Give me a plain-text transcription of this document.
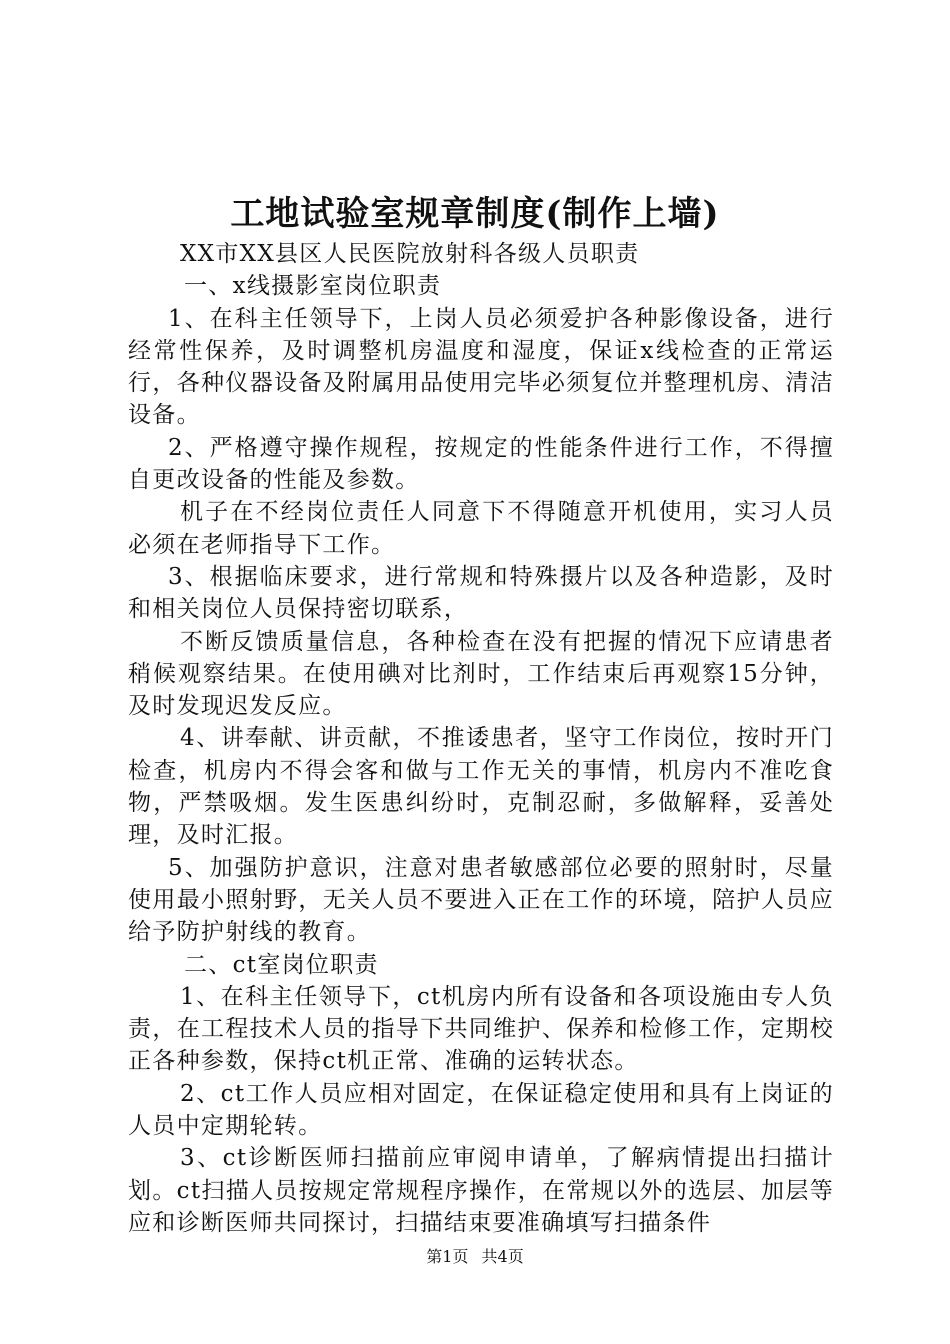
工地试验室规章制度(制作上墙)

XX市XX县区人民医院放射科各级人员职责

一、x线摄影室岗位职责

1、在科主任领导下，上岗人员必须爱护各种影像设备，进行经常性保养，及时调整机房温度和湿度，保证x线检查的正常运行，各种仪器设备及附属用品使用完毕必须复位并整理机房、清洁设备。

2、严格遵守操作规程，按规定的性能条件进行工作，不得擅自更改设备的性能及参数。

机子在不经岗位责任人同意下不得随意开机使用，实习人员必须在老师指导下工作。

3、根据临床要求，进行常规和特殊摄片以及各种造影，及时和相关岗位人员保持密切联系，

不断反馈质量信息，各种检查在没有把握的情况下应请患者稍候观察结果。在使用碘对比剂时，工作结束后再观察15分钟，及时发现迟发反应。

4、讲奉献、讲贡献，不推诿患者，坚守工作岗位，按时开门检查，机房内不得会客和做与工作无关的事情，机房内不准吃食物，严禁吸烟。发生医患纠纷时，克制忍耐，多做解释，妥善处理，及时汇报。

5、加强防护意识，注意对患者敏感部位必要的照射时，尽量使用最小照射野，无关人员不要进入正在工作的环境，陪护人员应给予防护射线的教育。

二、ct室岗位职责

1、在科主任领导下，ct机房内所有设备和各项设施由专人负责，在工程技术人员的指导下共同维护、保养和检修工作，定期校正各种参数，保持ct机正常、准确的运转状态。

2、ct工作人员应相对固定，在保证稳定使用和具有上岗证的人员中定期轮转。

3、ct诊断医师扫描前应审阅申请单，了解病情提出扫描计划。ct扫描人员按规定常规程序操作，在常规以外的选层、加层等应和诊断医师共同探讨，扫描结束要准确填写扫描条件

第1页 共4页
